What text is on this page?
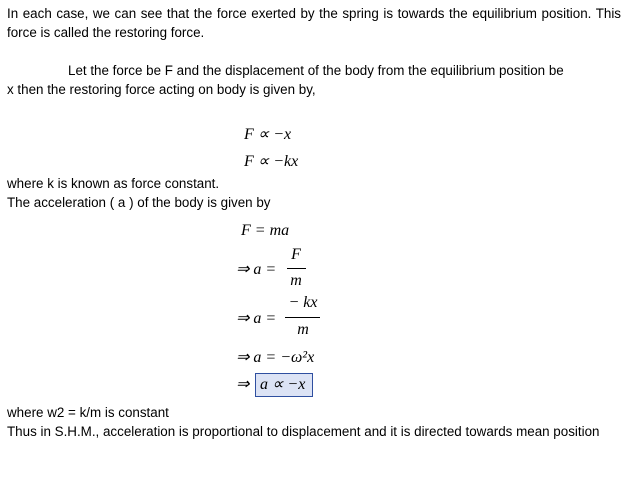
In each case, we can see that the force exerted by the spring is towards the equilibrium position. This force is called the restoring force.

Let the force be F and the displacement of the body from the equilibrium position be

x then the restoring force acting on body is given by,

F ∝ −x
F ∝ −kx

where k is known as force constant.

The acceleration ( a ) of the body is given by

F = ma
⇒ a =
F
m
⇒ a =
− kx
m
⇒ a = −ω²x
⇒ a ∝ −x

where w2 = k/m is constant

Thus in S.H.M., acceleration is proportional to displacement and it is directed towards mean position
